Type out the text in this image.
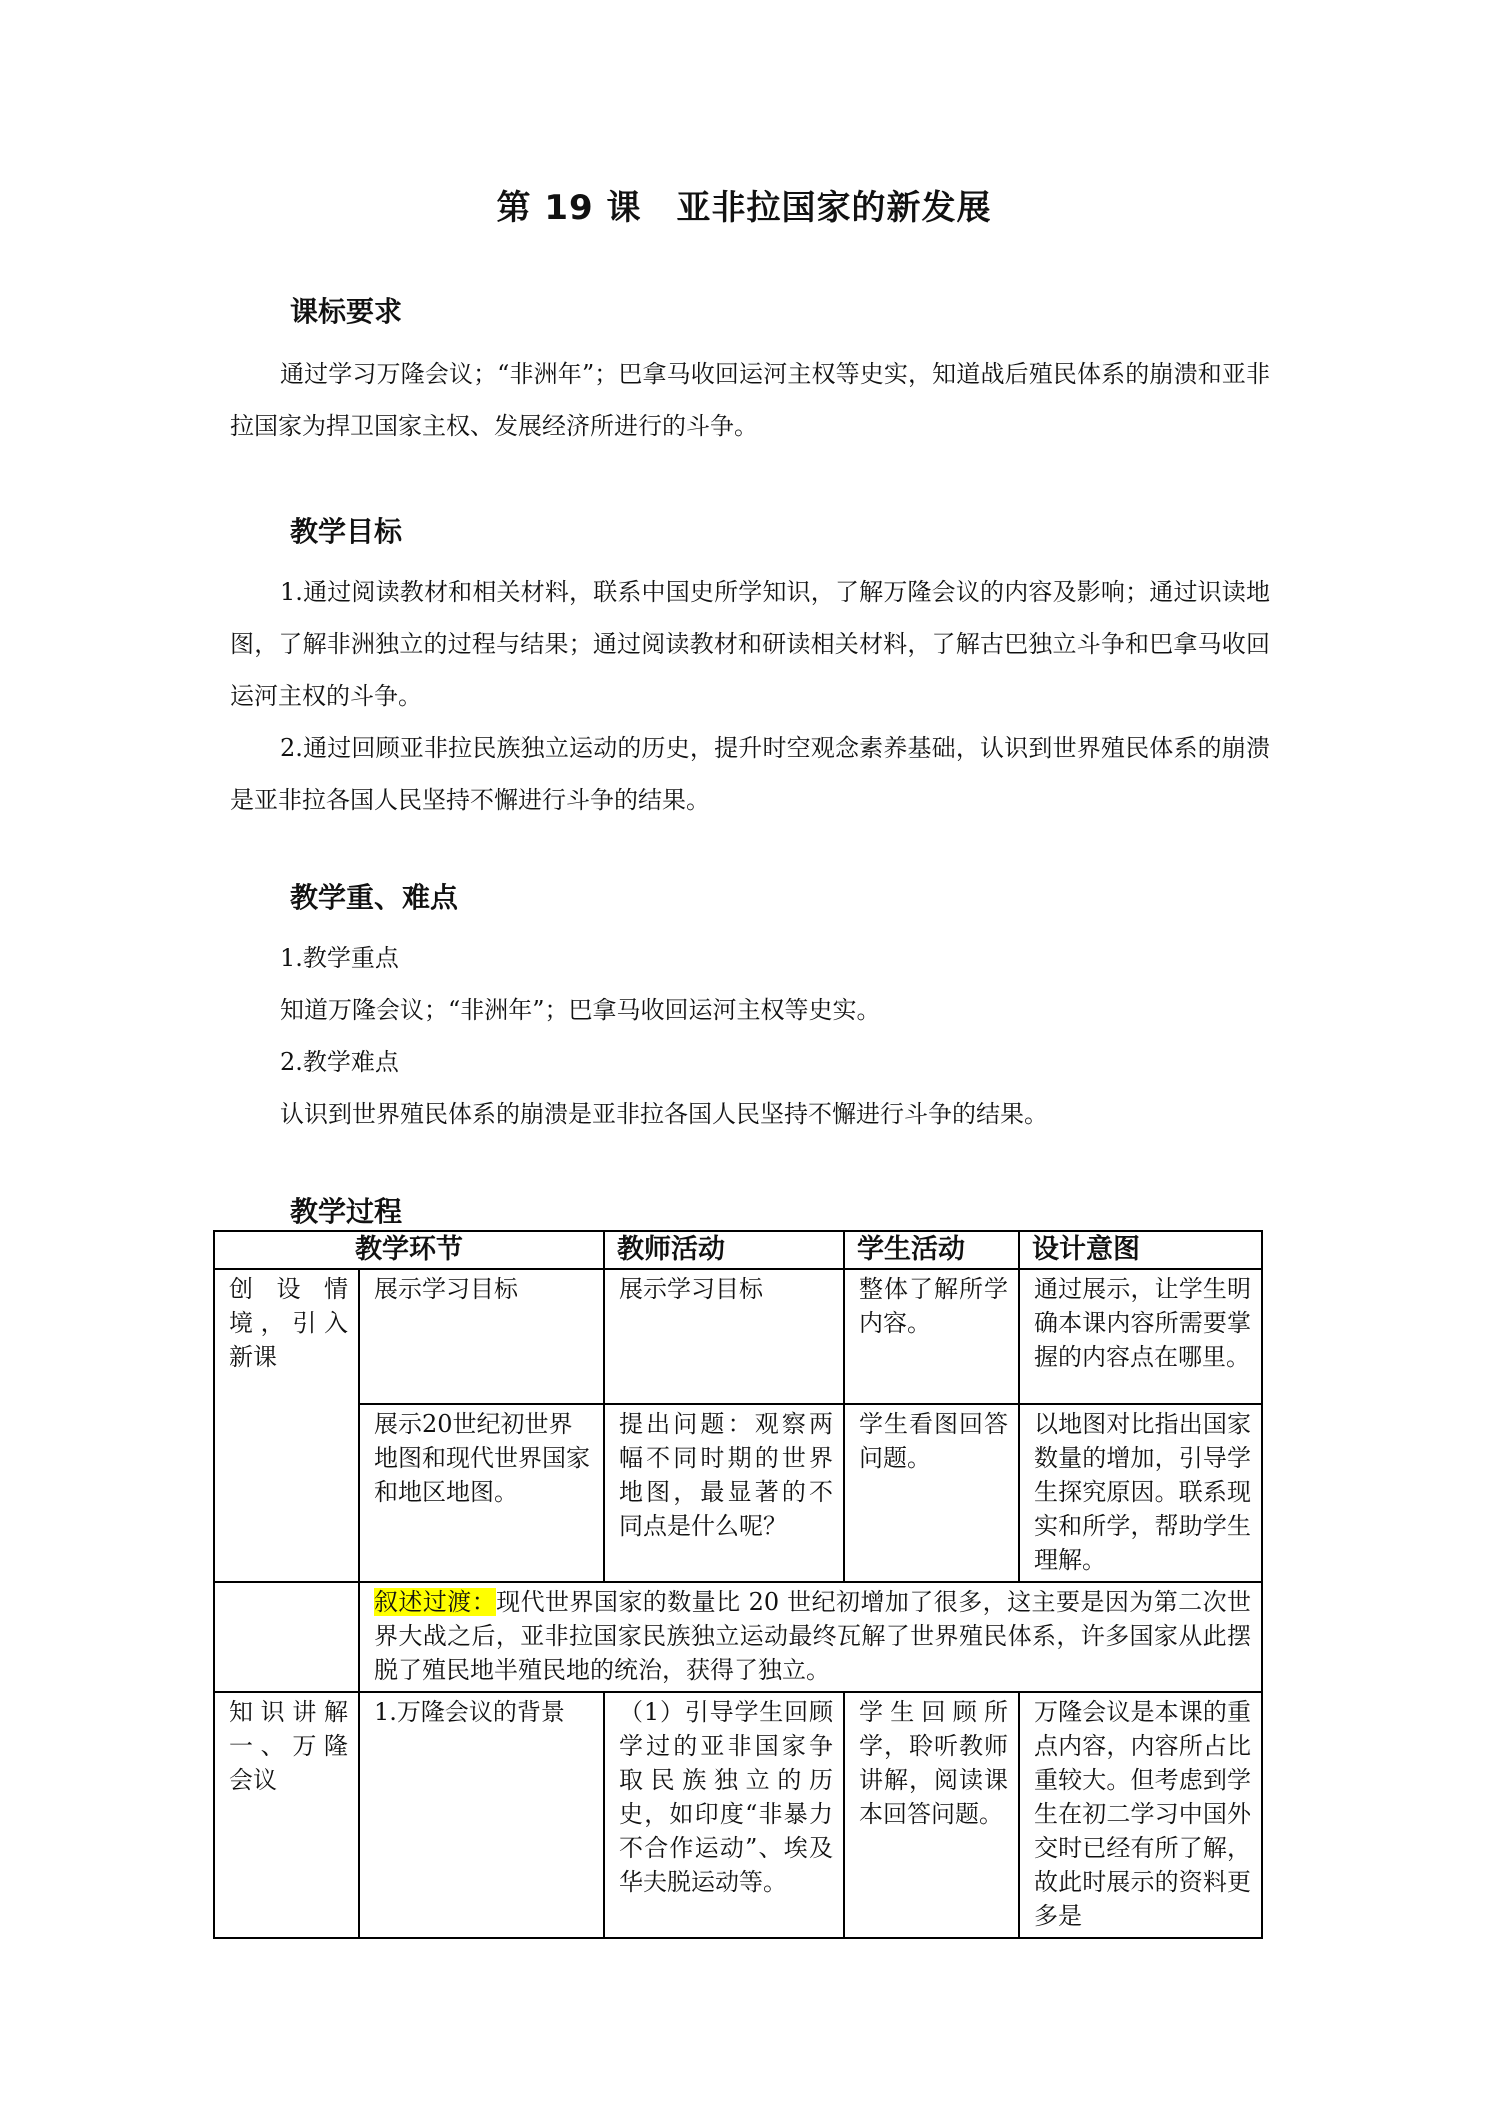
第 19 课　亚非拉国家的新发展
课标要求
通过学习万隆会议；“非洲年”；巴拿马收回运河主权等史实，知道战后殖民体系的崩溃和亚非拉国家为捍卫国家主权、发展经济所进行的斗争。
教学目标
1.通过阅读教材和相关材料，联系中国史所学知识，了解万隆会议的内容及影响；通过识读地图，了解非洲独立的过程与结果；通过阅读教材和研读相关材料，了解古巴独立斗争和巴拿马收回运河主权的斗争。
2.通过回顾亚非拉民族独立运动的历史，提升时空观念素养基础，认识到世界殖民体系的崩溃是亚非拉各国人民坚持不懈进行斗争的结果。
教学重、难点
1.教学重点
知道万隆会议；“非洲年”；巴拿马收回运河主权等史实。
2.教学难点
认识到世界殖民体系的崩溃是亚非拉各国人民坚持不懈进行斗争的结果。
教学过程
教学环节		教师活动	学生活动	设计意图
创设情境，引入新课	展示学习目标	展示学习目标	整体了解所学内容。	通过展示，让学生明确本课内容所需要掌握的内容点在哪里。
	展示20世纪初世界地图和现代世界国家和地区地图。	提出问题：观察两幅不同时期的世界地图，最显著的不同点是什么呢？	学生看图回答问题。	以地图对比指出国家数量的增加，引导学生探究原因。联系现实和所学，帮助学生理解。
	叙述过渡：现代世界国家的数量比 20 世纪初增加了很多，这主要是因为第二次世界大战之后，亚非拉国家民族独立运动最终瓦解了世界殖民体系，许多国家从此摆脱了殖民地半殖民地的统治，获得了独立。			
知识讲解一、万隆会议	1.万隆会议的背景	（1）引导学生回顾学过的亚非国家争取民族独立的历史，如印度“非暴力不合作运动”、埃及华夫脱运动等。	学生回顾所学，聆听教师讲解，阅读课本回答问题。	万隆会议是本课的重点内容，内容所占比重较大。但考虑到学生在初二学习中国外交时已经有所了解，故此时展示的资料更多是
